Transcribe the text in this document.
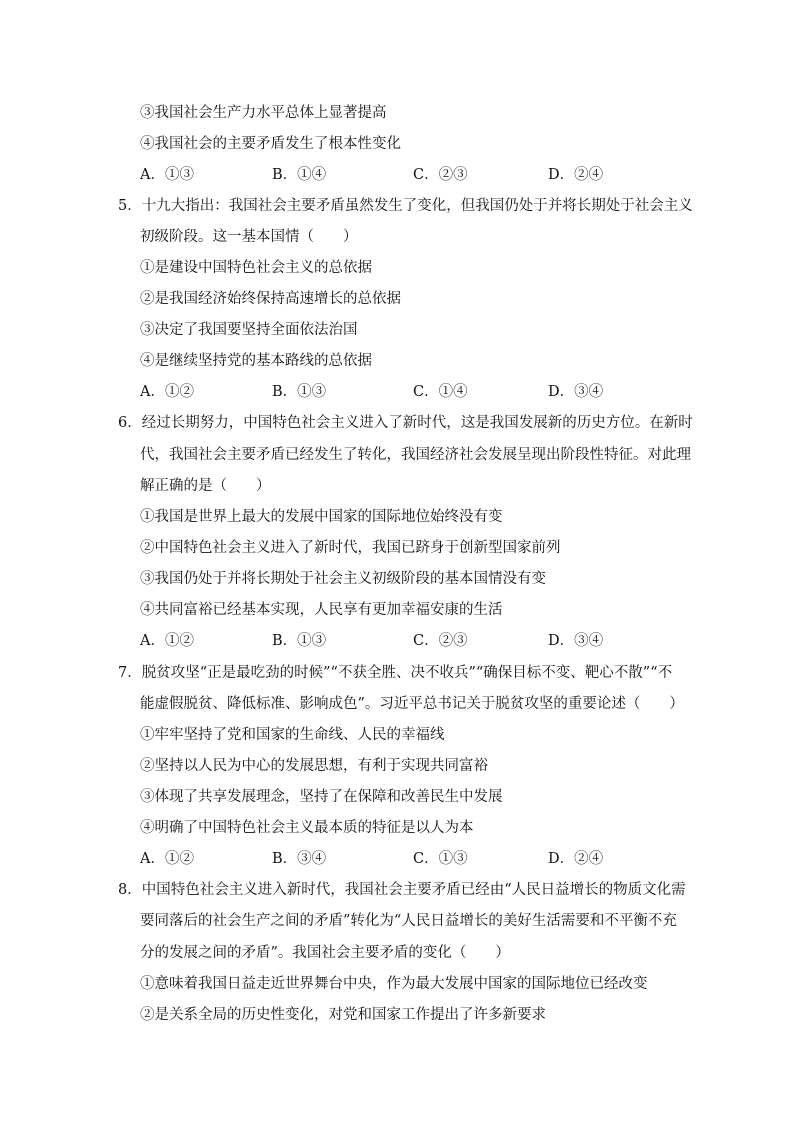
③我国社会生产力水平总体上显著提高
④我国社会的主要矛盾发生了根本性变化
A．①③	B．①④	C．②③	D．②④
5．十九大指出：我国社会主要矛盾虽然发生了变化，但我国仍处于并将长期处于社会主义
初级阶段。这一基本国情（　　）
①是建设中国特色社会主义的总依据
②是我国经济始终保持高速增长的总依据
③决定了我国要坚持全面依法治国
④是继续坚持党的基本路线的总依据
A．①②	B．①③	C．①④	D．③④
6．经过长期努力，中国特色社会主义进入了新时代，这是我国发展新的历史方位。在新时
代，我国社会主要矛盾已经发生了转化，我国经济社会发展呈现出阶段性特征。对此理
解正确的是（　　）
①我国是世界上最大的发展中国家的国际地位始终没有变
②中国特色社会主义进入了新时代，我国已跻身于创新型国家前列
③我国仍处于并将长期处于社会主义初级阶段的基本国情没有变
④共同富裕已经基本实现，人民享有更加幸福安康的生活
A．①②	B．①③	C．②③	D．③④
7．脱贫攻坚“正是最吃劲的时候”“不获全胜、决不收兵”“确保目标不变、靶心不散”“不
能虚假脱贫、降低标准、影响成色”。习近平总书记关于脱贫攻坚的重要论述（　　）
①牢牢坚持了党和国家的生命线、人民的幸福线
②坚持以人民为中心的发展思想，有利于实现共同富裕
③体现了共享发展理念，坚持了在保障和改善民生中发展
④明确了中国特色社会主义最本质的特征是以人为本
A．①②	B．③④	C．①③	D．②④
8．中国特色社会主义进入新时代，我国社会主要矛盾已经由“人民日益增长的物质文化需
要同落后的社会生产之间的矛盾”转化为“人民日益增长的美好生活需要和不平衡不充
分的发展之间的矛盾”。我国社会主要矛盾的变化（　　）
①意味着我国日益走近世界舞台中央，作为最大发展中国家的国际地位已经改变
②是关系全局的历史性变化，对党和国家工作提出了许多新要求
